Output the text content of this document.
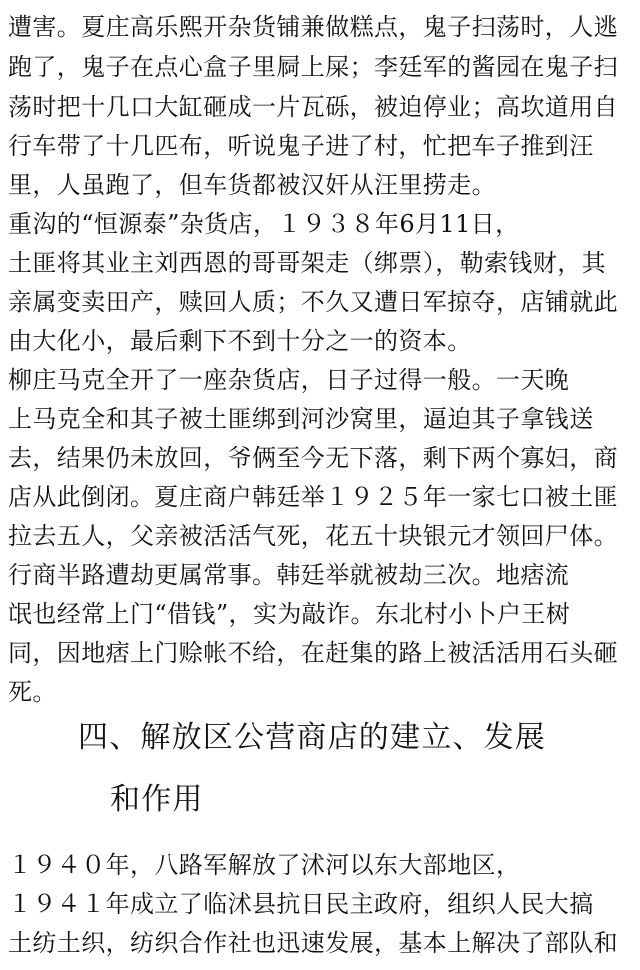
遭害。夏庄高乐熙开杂货铺兼做糕点，鬼子扫荡时，人逃
跑了，鬼子在点心盒子里屙上屎；李廷军的酱园在鬼子扫
荡时把十几口大缸砸成一片瓦砾，被迫停业；高坎道用自
行车带了十几匹布，听说鬼子进了村，忙把车子推到汪
里，人虽跑了，但车货都被汉奸从汪里捞走。
重沟的“恒源泰”杂货店，１９３８年6月11日，
土匪将其业主刘西恩的哥哥架走（绑票），勒索钱财，其
亲属变卖田产，赎回人质；不久又遭日军掠夺，店铺就此
由大化小，最后剩下不到十分之一的资本。
柳庄马克全开了一座杂货店，日子过得一般。一天晚
上马克全和其子被土匪绑到河沙窝里，逼迫其子拿钱送
去，结果仍未放回，爷俩至今无下落，剩下两个寡妇，商
店从此倒闭。夏庄商户韩廷举１９２５年一家七口被土匪
拉去五人，父亲被活活气死，花五十块银元才领回尸体。
行商半路遭劫更属常事。韩廷举就被劫三次。地痞流
氓也经常上门“借钱”，实为敲诈。东北村小卜户王树
同，因地痞上门赊帐不给，在赶集的路上被活活用石头砸
死。
四、解放区公营商店的建立、发展
和作用
１９４０年，八路军解放了沭河以东大部地区，
１９４１年成立了临沭县抗日民主政府，组织人民大搞
土纺土织，纺织合作社也迅速发展，基本上解决了部队和
